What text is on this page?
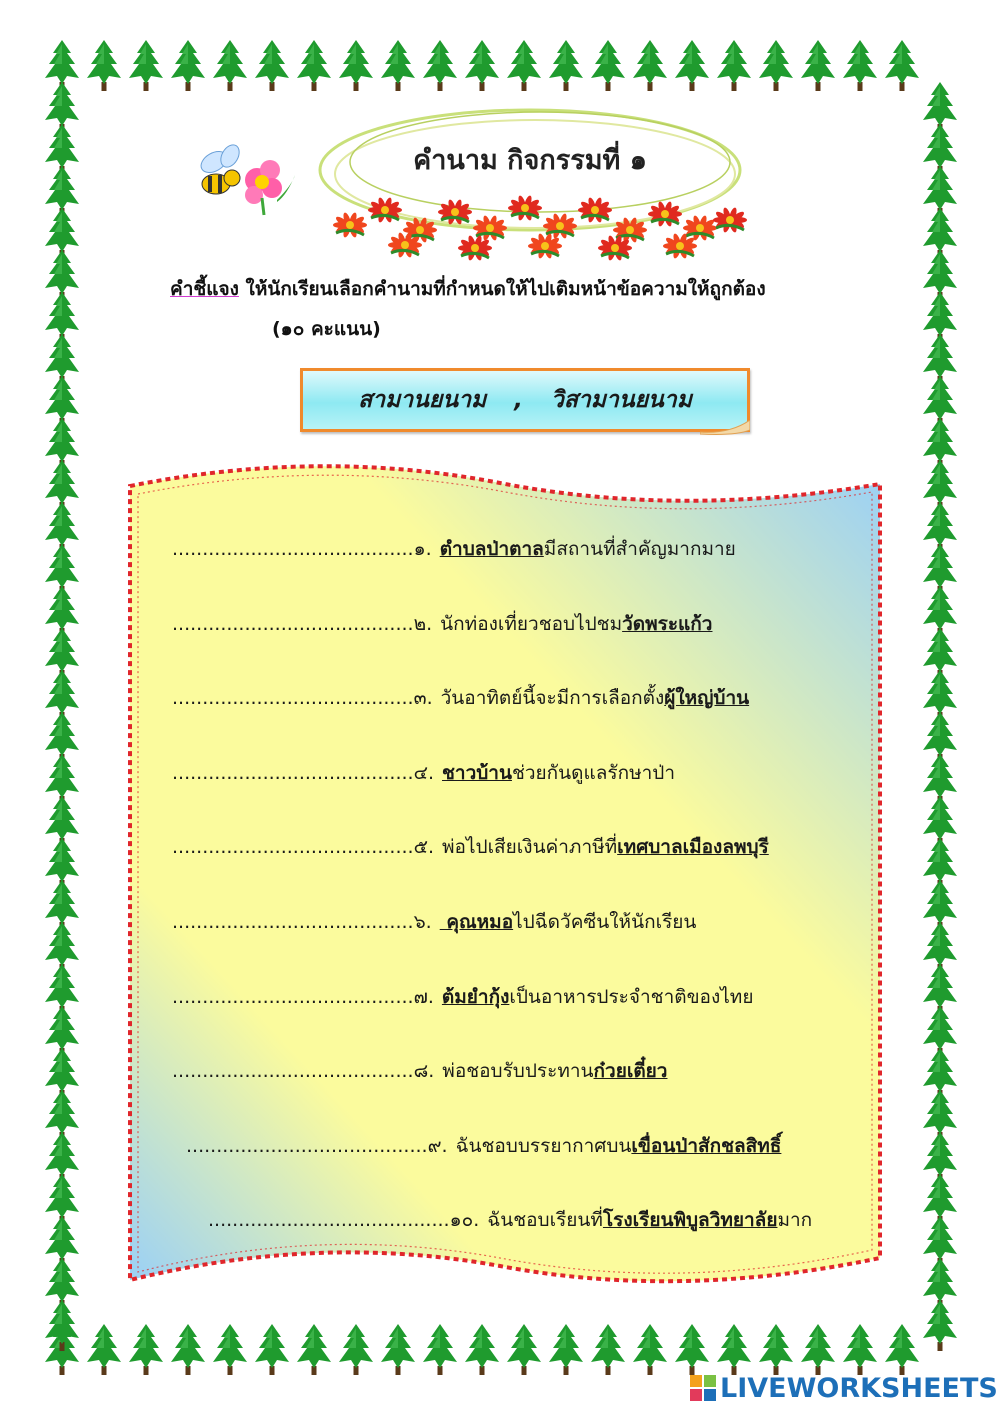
คำนาม กิจกรรมที่ ๑
คำชี้แจง ให้นักเรียนเลือกคำนามที่กำหนดให้ไปเติมหน้าข้อความให้ถูกต้อง
(๑๐ คะแนน)
สามานยนาม , วิสามานยนาม
........................................๑. ตำบลป่าตาลมีสถานที่สำคัญมากมาย
........................................๒. นักท่องเที่ยวชอบไปชมวัดพระแก้ว
........................................๓. วันอาทิตย์นี้จะมีการเลือกตั้งผู้ใหญ่บ้าน
........................................๔. ชาวบ้านช่วยกันดูแลรักษาป่า
........................................๕. พ่อไปเสียเงินค่าภาษีที่เทศบาลเมืองลพบุรี
........................................๖. คุณหมอไปฉีดวัคซีนให้นักเรียน
........................................๗. ต้มยำกุ้งเป็นอาหารประจำชาติของไทย
........................................๘. พ่อชอบรับประทานก๋วยเตี๋ยว
........................................๙. ฉันชอบบรรยากาศบนเขื่อนป่าสักชลสิทธิ์
........................................๑๐. ฉันชอบเรียนที่โรงเรียนพิบูลวิทยาลัยมาก
LIVEWORKSHEETS
